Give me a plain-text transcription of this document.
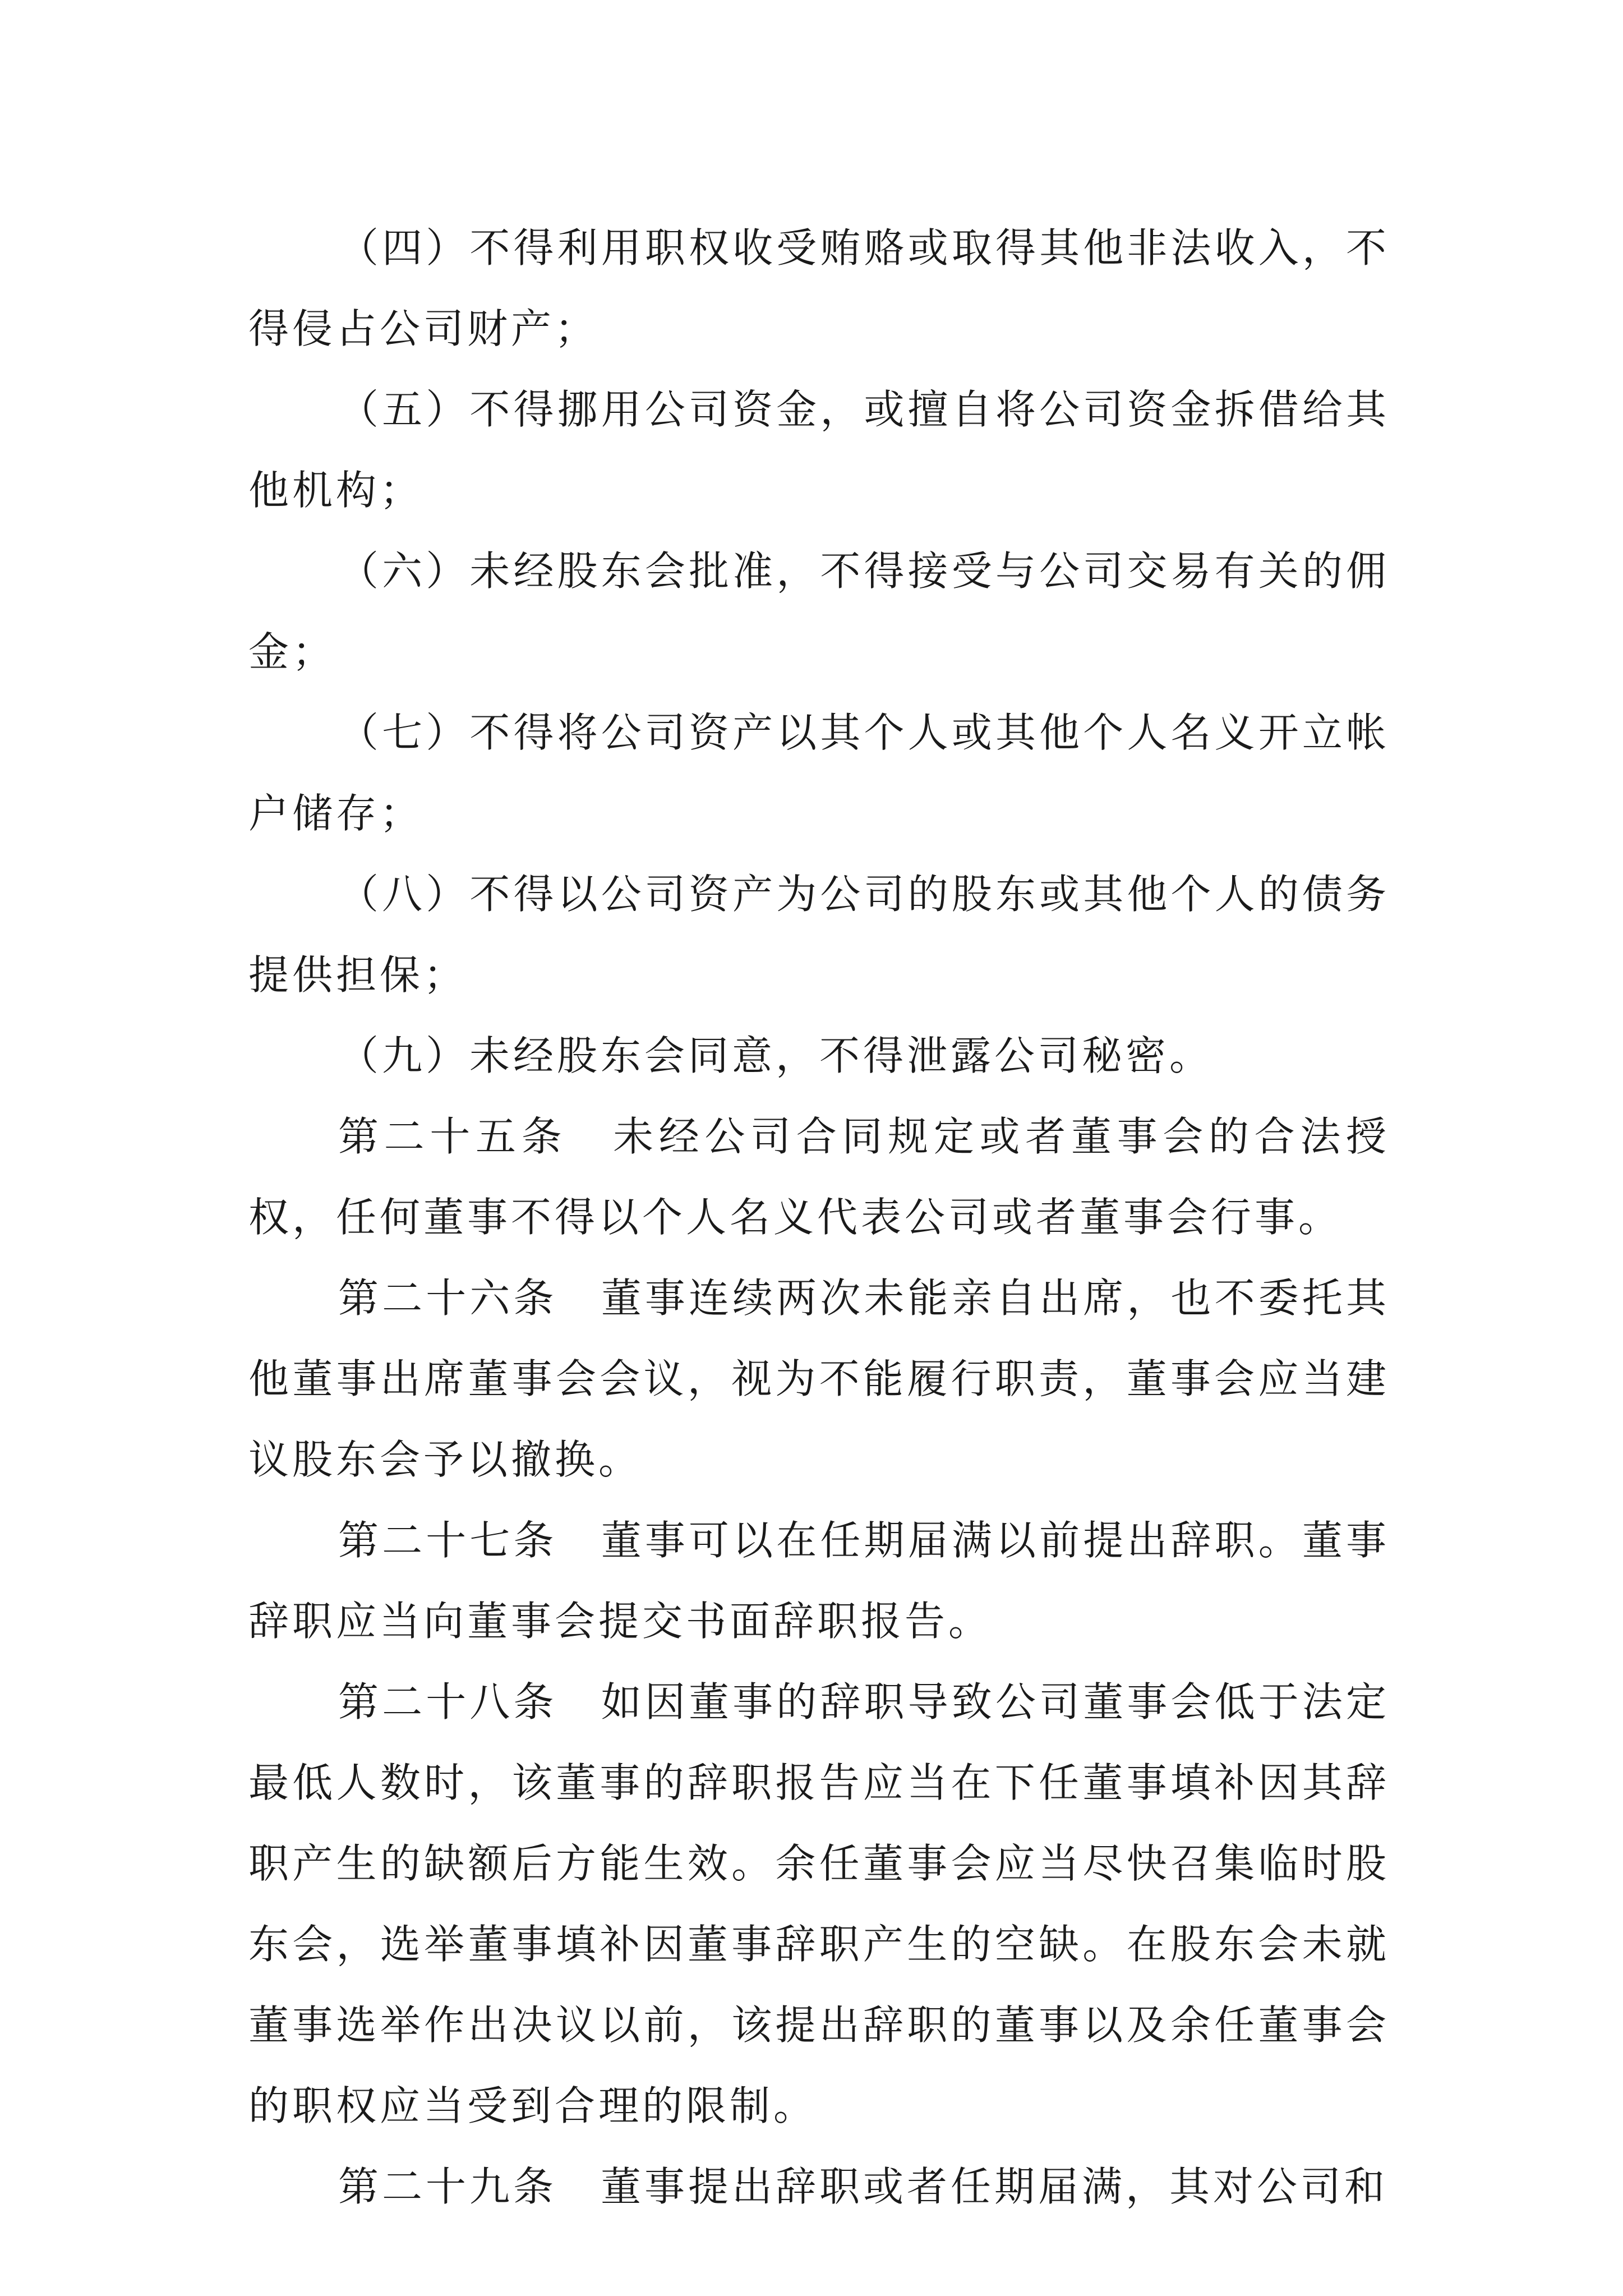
（四）不得利用职权收受贿赂或取得其他非法收入，不得侵占公司财产；

（五）不得挪用公司资金，或擅自将公司资金拆借给其他机构；

（六）未经股东会批准，不得接受与公司交易有关的佣金；

（七）不得将公司资产以其个人或其他个人名义开立帐户储存；

（八）不得以公司资产为公司的股东或其他个人的债务提供担保；

（九）未经股东会同意，不得泄露公司秘密。

第二十五条　未经公司合同规定或者董事会的合法授权，任何董事不得以个人名义代表公司或者董事会行事。

第二十六条　董事连续两次未能亲自出席，也不委托其他董事出席董事会会议，视为不能履行职责，董事会应当建议股东会予以撤换。

第二十七条　董事可以在任期届满以前提出辞职。董事辞职应当向董事会提交书面辞职报告。

第二十八条　如因董事的辞职导致公司董事会低于法定最低人数时，该董事的辞职报告应当在下任董事填补因其辞职产生的缺额后方能生效。余任董事会应当尽快召集临时股东会，选举董事填补因董事辞职产生的空缺。在股东会未就董事选举作出决议以前，该提出辞职的董事以及余任董事会的职权应当受到合理的限制。

第二十九条　董事提出辞职或者任期届满，其对公司和
